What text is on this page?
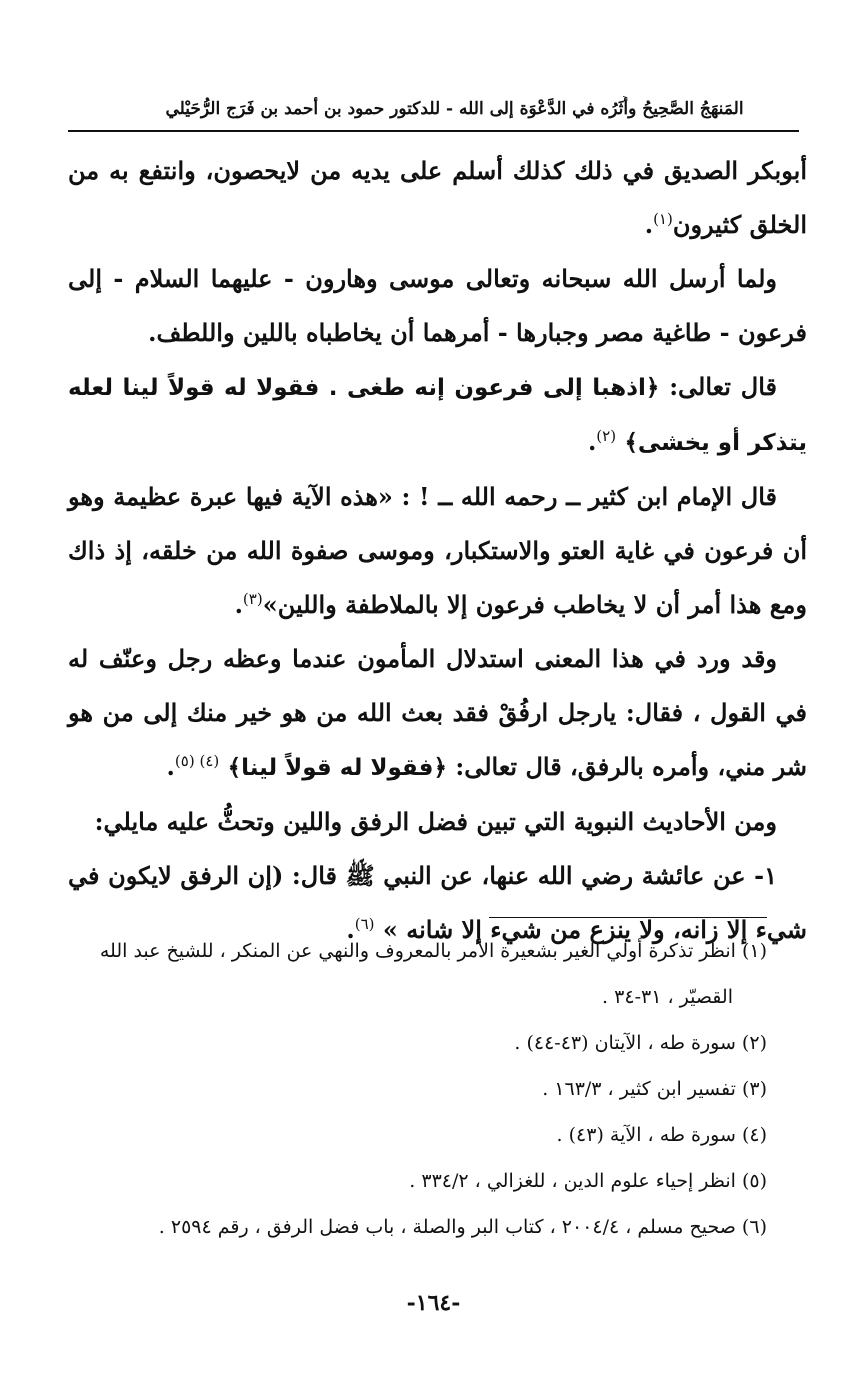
المَنهَجُ الصَّحِيحُ وأَثَرُه في الدَّعْوَة إلى الله - للدكتور حمود بن أحمد بن فَرَج الرُّحَيْلي

أبوبكر الصديق في ذلك كذلك أسلم على يديه من لايحصون، وانتفع به من الخلق كثيرون$^{(١)}$.

ولما أرسل الله سبحانه وتعالى موسى وهارون - عليهما السلام - إلى فرعون - طاغية مصر وجبارها - أمرهما أن يخاطباه باللين واللطف.

قال تعالى: ﴿اذهبا إلى فرعون إنه طغى . فقولا له قولاً لينا لعله يتذكر أو يخشى﴾ $^{(٢)}$.

قال الإمام ابن كثير ــ رحمه الله ــ ! : «هذه الآية فيها عبرة عظيمة وهو أن فرعون في غاية العتو والاستكبار، وموسى صفوة الله من خلقه، إذ ذاك ومع هذا أمر أن لا يخاطب فرعون إلا بالملاطفة واللين»$^{(٣)}$.

وقد ورد في هذا المعنى استدلال المأمون عندما وعظه رجل وعنّف له في القول ، فقال: يارجل ارفُقْ فقد بعث الله من هو خير منك إلى من هو شر مني، وأمره بالرفق، قال تعالى: ﴿فقولا له قولاً لينا﴾ $^{(٤) (٥)}$.

ومن الأحاديث النبوية التي تبين فضل الرفق واللين وتحثُّ عليه مايلي:

١- عن عائشة رضي الله عنها، عن النبي ﷺ قال: (إن الرفق لايكون في شيء إلا زانه، ولا ينزع من شيء إلا شانه » $^{(٦)}$.

(١) انظر تذكرة أولي الغير بشعيرة الأمر بالمعروف والنهي عن المنكر ، للشيخ عبد الله

القصيّر ، ٣١-٣٤ .

(٢) سورة طه ، الآيتان (٤٣-٤٤) .

(٣) تفسير ابن كثير ، ١٦٣/٣ .

(٤) سورة طه ، الآية (٤٣) .

(٥) انظر إحياء علوم الدين ، للغزالي ، ٣٣٤/٢ .

(٦) صحيح مسلم ، ٢٠٠٤/٤ ، كتاب البر والصلة ، باب فضل الرفق ، رقم ٢٥٩٤ .

-١٦٤-
